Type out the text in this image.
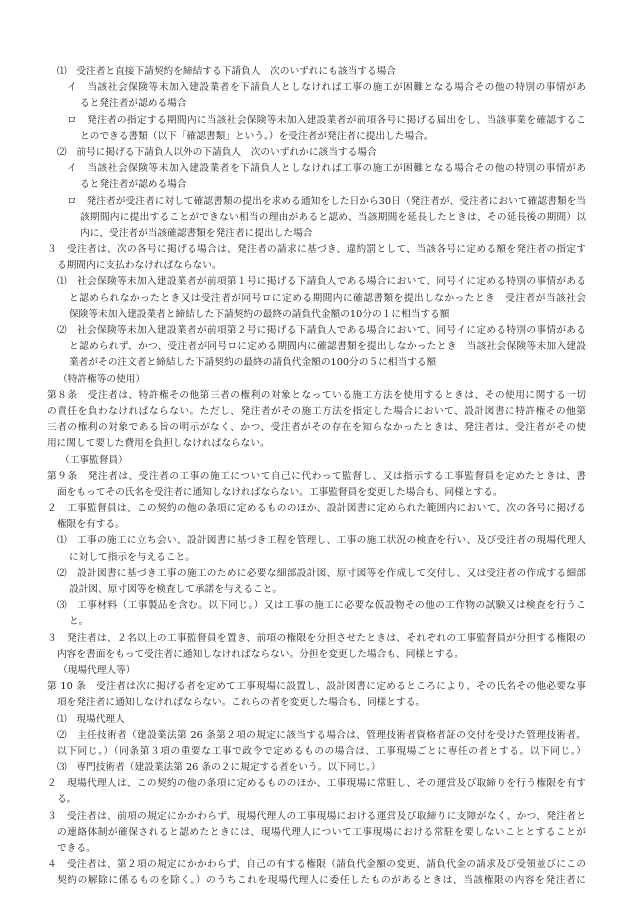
⑴　受注者と直接下請契約を締結する下請負人　次のいずれにも該当する場合
イ　当該社会保険等未加入建設業者を下請負人としなければ工事の施工が困難となる場合その他の特別の事情があ
ると発注者が認める場合
ロ　発注者の指定する期間内に当該社会保険等未加入建設業者が前項各号に掲げる届出をし、当該事業を確認するこ
とのできる書類（以下「確認書類」という。）を受注者が発注者に提出した場合。
⑵　前号に掲げる下請負人以外の下請負人　次のいずれかに該当する場合
イ　当該社会保険等未加入建設業者を下請負人としなければ工事の施工が困難となる場合その他の特別の事情があ
ると発注者が認める場合
ロ　発注者が受注者に対して確認書類の提出を求める通知をした日から30日（発注者が、受注者において確認書類を当
該期間内に提出することができない相当の理由があると認め、当該期間を延長したときは、その延長後の期間）以
内に、受注者が当該確認書類を発注者に提出した場合
３　受注者は、次の各号に掲げる場合は、発注者の請求に基づき、違約罰として、当該各号に定める額を発注者の指定す
る期間内に支払わなければならない。
⑴　社会保険等未加入建設業者が前項第１号に掲げる下請負人である場合において、同号イに定める特別の事情がある
と認められなかったとき又は受注者が同号ロに定める期間内に確認書類を提出しなかったとき　受注者が当該社会
保険等未加入建設業者と締結した下請契約の最終の請負代金額の10分の１に相当する額
⑵　社会保険等未加入建設業者が前項第２号に掲げる下請負人である場合において、同号イに定める特別の事情がある
と認められず、かつ、受注者が同号ロに定める期間内に確認書類を提出しなかったとき　当該社会保険等未加入建設
業者がその注文者と締結した下請契約の最終の請負代金額の100分の５に相当する額
（特許権等の使用）
第８条　受注者は、特許権その他第三者の権利の対象となっている施工方法を使用するときは、その使用に関する一切
の責任を負わなければならない。ただし、発注者がその施工方法を指定した場合において、設計図書に特許権その他第
三者の権利の対象である旨の明示がなく、かつ、受注者がその存在を知らなかったときは、発注者は、受注者がその使
用に関して要した費用を負担しなければならない。
（工事監督員）
第９条　発注者は、受注者の工事の施工について自己に代わって監督し、又は指示する工事監督員を定めたときは、書
面をもってその氏名を受注者に通知しなければならない。工事監督員を変更した場合も、同様とする。
２　工事監督員は、この契約の他の条項に定めるもののほか、設計図書に定められた範囲内において、次の各号に掲げる
権限を有する。
⑴　工事の施工に立ち会い、設計図書に基づき工程を管理し、工事の施工状況の検査を行い、及び受注者の現場代理人
に対して指示を与えること。
⑵　設計図書に基づき工事の施工のために必要な細部設計図、原寸図等を作成して交付し、又は受注者の作成する細部
設計図、原寸図等を検査して承諾を与えること。
⑶　工事材料（工事製品を含む。以下同じ。）又は工事の施工に必要な仮設物その他の工作物の試験又は検査を行うこ
と。
３　発注者は、２名以上の工事監督員を置き、前項の権限を分担させたときは、それぞれの工事監督員が分担する権限の
内容を書面をもって受注者に通知しなければならない。分担を変更した場合も、同様とする。
（現場代理人等）
第 10 条　受注者は次に掲げる者を定めて工事現場に設置し、設計図書に定めるところにより、その氏名その他必要な事
項を発注者に通知しなければならない。これらの者を変更した場合も、同様とする。
⑴　現場代理人
⑵　主任技術者（建設業法第 26 条第２項の規定に該当する場合は、管理技術者資格者証の交付を受けた管理技術者。
以下同じ。）（同条第３項の重要な工事で政令で定めるものの場合は、工事現場ごとに専任の者とする。以下同じ。）
⑶　専門技術者（建設業法第 26 条の２に規定する者をいう。以下同じ。）
２　現場代理人は、この契約の他の条項に定めるもののほか、工事現場に常駐し、その運営及び取締りを行う権限を有す
る。
３　受注者は、前項の規定にかかわらず、現場代理人の工事現場における運営及び取締りに支障がなく、かつ、発注者と
の連絡体制が確保されると認めたときには、現場代理人について工事現場における常駐を要しないこととすることが
できる。
４　受注者は、第２項の規定にかかわらず、自己の有する権限（請負代金額の変更、請負代金の請求及び受領並びにこの
契約の解除に係るものを除く。）のうちこれを現場代理人に委任したものがあるときは、当該権限の内容を発注者に
